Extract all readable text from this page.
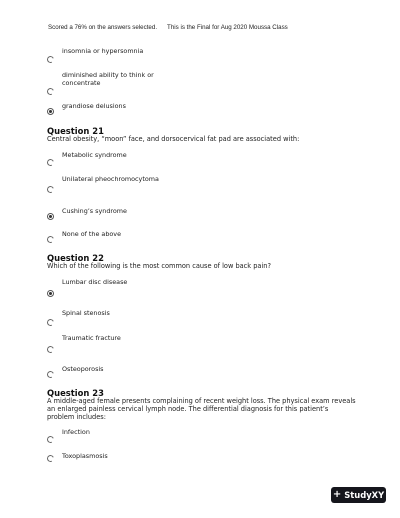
Scored a 76% on the answers selected. This is the Final for Aug 2020 Moussa Class
insomnia or hypersomnia
diminished ability to think or concentrate
grandiose delusions
Question 21
Central obesity, “moon” face, and dorsocervical fat pad are associated with:
Metabolic syndrome
Unilateral pheochromocytoma
Cushing’s syndrome
None of the above
Question 22
Which of the following is the most common cause of low back pain?
Lumbar disc disease
Spinal stenosis
Traumatic fracture
Osteoporosis
Question 23
A middle-aged female presents complaining of recent weight loss. The physical exam reveals an enlarged painless cervical lymph node. The differential diagnosis for this patient’s problem includes:
Infection
Toxoplasmosis
+ StudyXY
